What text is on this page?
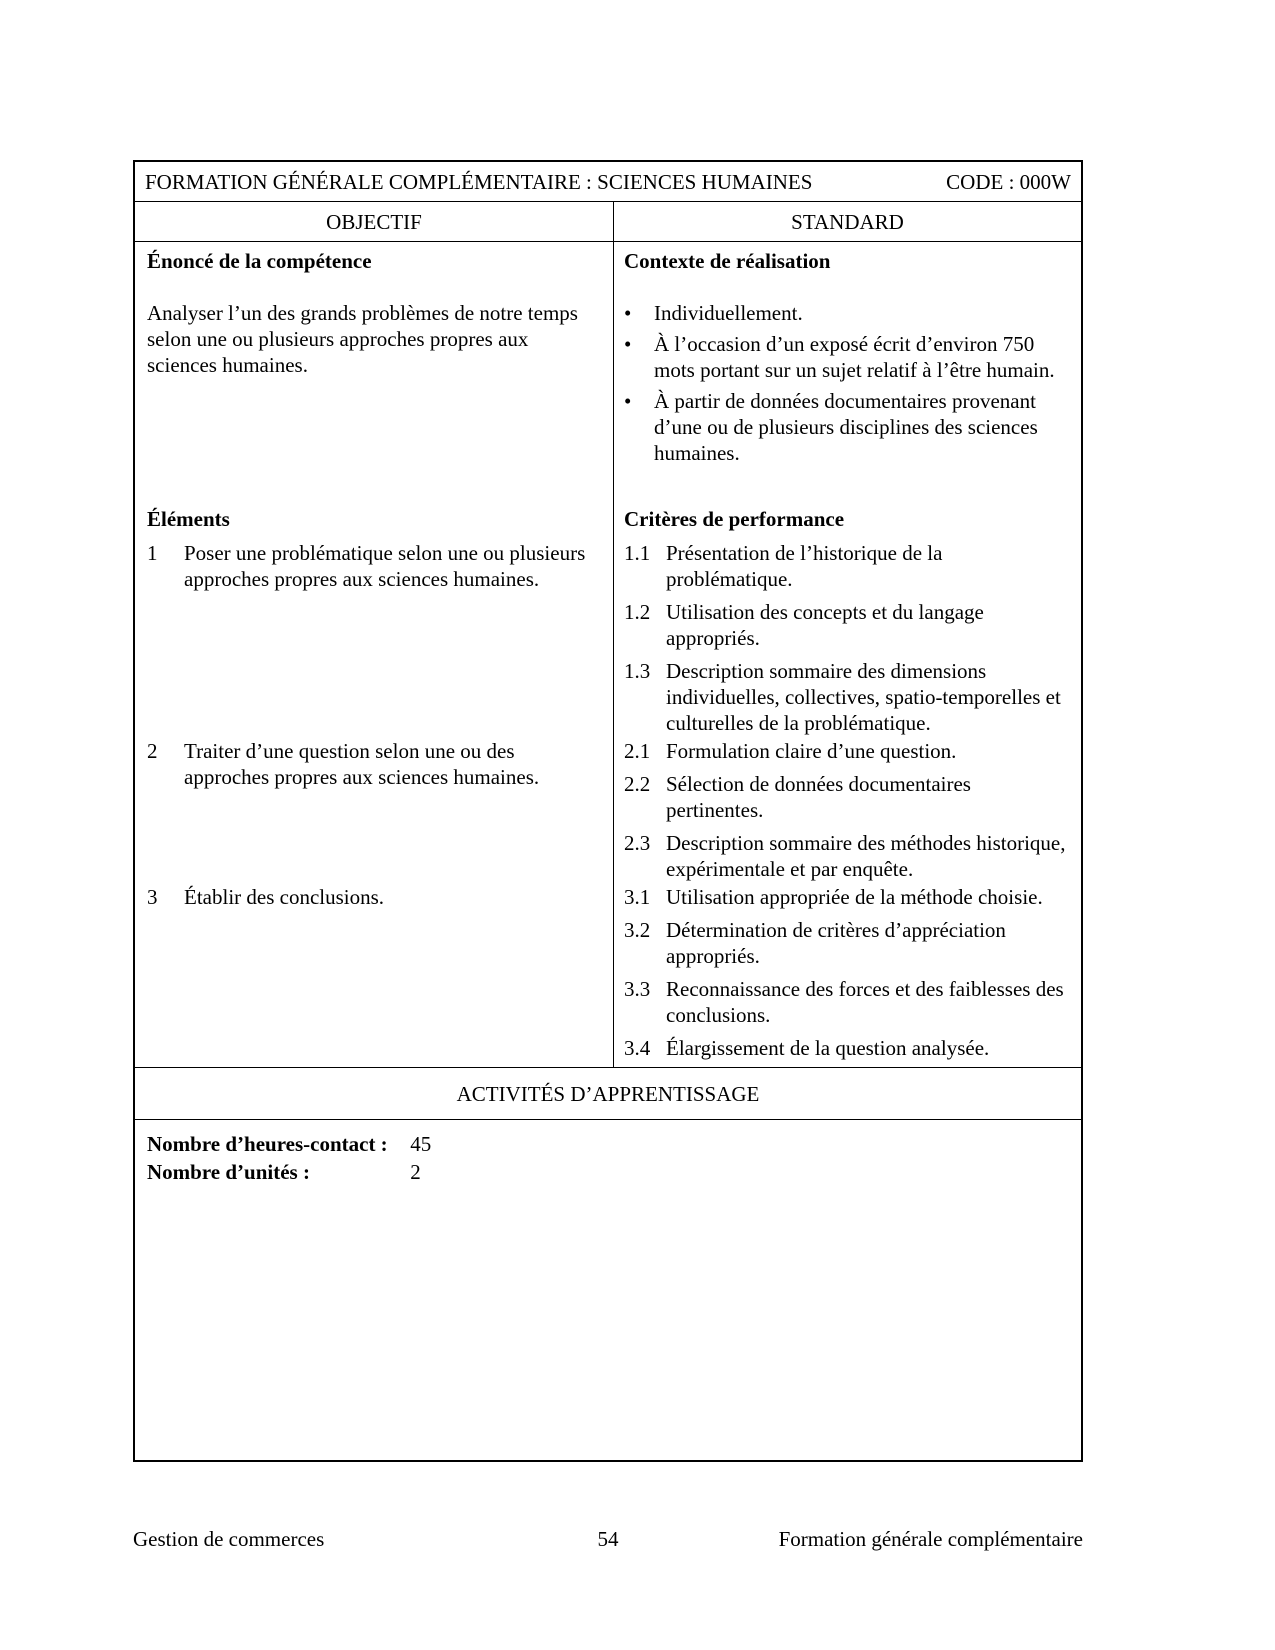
FORMATION GÉNÉRALE COMPLÉMENTAIRE : SCIENCES HUMAINES	CODE : 000W
OBJECTIF	STANDARD
Énoncé de la compétence
Analyser l’un des grands problèmes de notre temps selon une ou plusieurs approches propres aux sciences humaines.
Contexte de réalisation
•
Individuellement.
•
À l’occasion d’un exposé écrit d’environ 750 mots portant sur un sujet relatif à l’être humain.
•
À partir de données documentaires provenant d’une ou de plusieurs disciplines des sciences humaines.
Éléments	Critères de performance
1	Poser une problématique selon une ou plusieurs approches propres aux sciences humaines.
1.1 Présentation de l’historique de la problématique.
1.2 Utilisation des concepts et du langage appropriés.
1.3 Description sommaire des dimensions individuelles, collectives, spatio-temporelles et culturelles de la problématique.
2	Traiter d’une question selon une ou des approches propres aux sciences humaines.
2.1 Formulation claire d’une question.
2.2 Sélection de données documentaires pertinentes.
2.3 Description sommaire des méthodes historique, expérimentale et par enquête.
3	Établir des conclusions.	3.1 Utilisation appropriée de la méthode choisie.
3.2 Détermination de critères d’appréciation appropriés.
3.3 Reconnaissance des forces et des faiblesses des conclusions.
3.4 Élargissement de la question analysée.
ACTIVITÉS D’APPRENTISSAGE
Nombre d’heures-contact : 45
Nombre d’unités :	2
Gestion de commerces	54	Formation générale complémentaire
